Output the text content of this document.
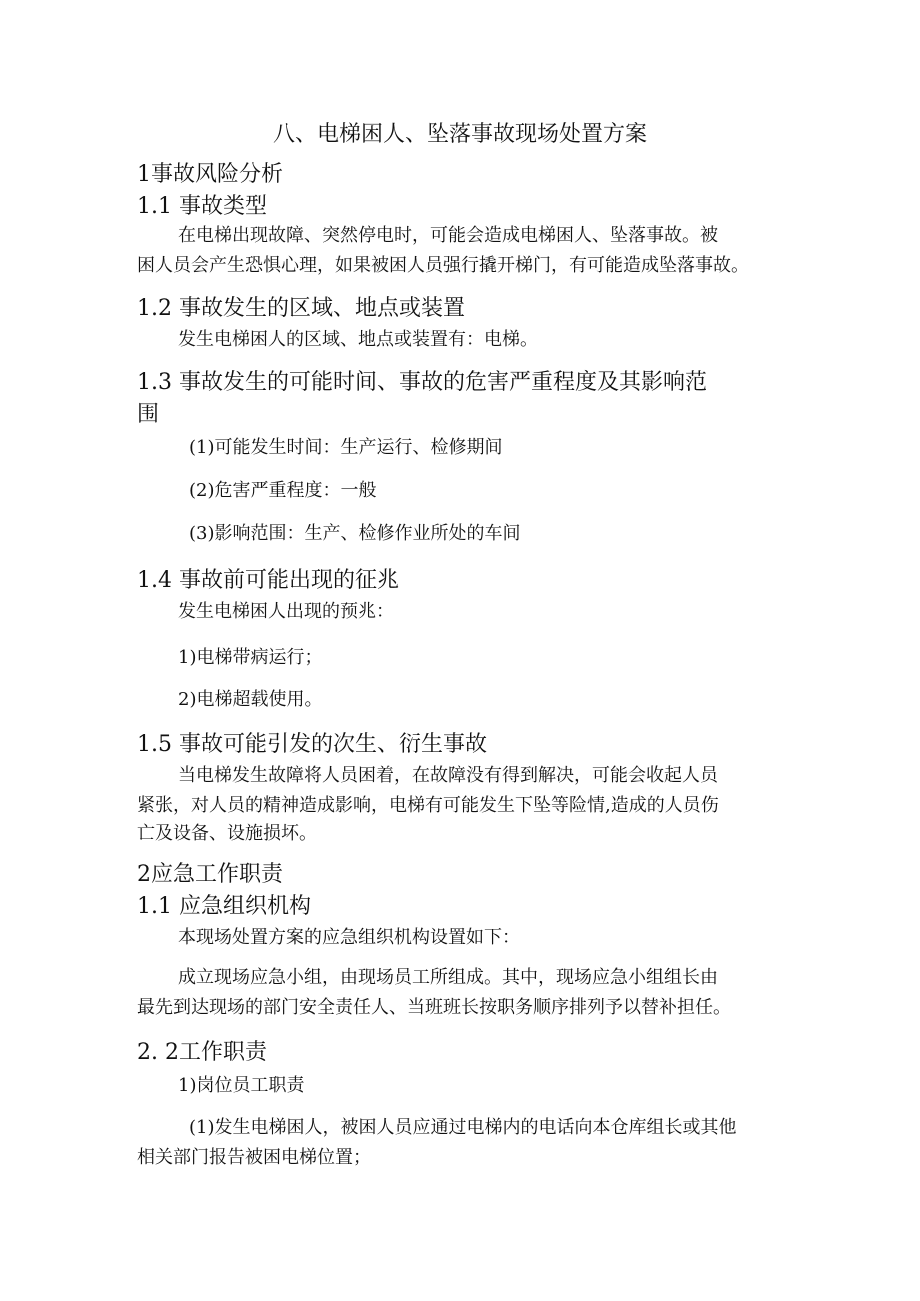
八、电梯困人、坠落事故现场处置方案
1事故风险分析
1.1 事故类型
在电梯出现故障、突然停电时，可能会造成电梯困人、坠落事故。被
困人员会产生恐惧心理，如果被困人员强行撬开梯门，有可能造成坠落事故。
1.2 事故发生的区域、地点或装置
发生电梯困人的区域、地点或装置有：电梯。
1.3 事故发生的可能时间、事故的危害严重程度及其影响范
围
(1)可能发生时间：生产运行、检修期间
(2)危害严重程度：一般
(3)影响范围：生产、检修作业所处的车间
1.4 事故前可能出现的征兆
发生电梯困人出现的预兆：
1)电梯带病运行；
2)电梯超载使用。
1.5 事故可能引发的次生、衍生事故
当电梯发生故障将人员困着，在故障没有得到解决，可能会收起人员
紧张，对人员的精神造成影响，电梯有可能发生下坠等险情,造成的人员伤
亡及设备、设施损坏。
2应急工作职责
1.1 应急组织机构
本现场处置方案的应急组织机构设置如下：
成立现场应急小组，由现场员工所组成。其中，现场应急小组组长由
最先到达现场的部门安全责任人、当班班长按职务顺序排列予以替补担任。
2. 2工作职责
1)岗位员工职责
(1)发生电梯困人，被困人员应通过电梯内的电话向本仓库组长或其他
相关部门报告被困电梯位置；
